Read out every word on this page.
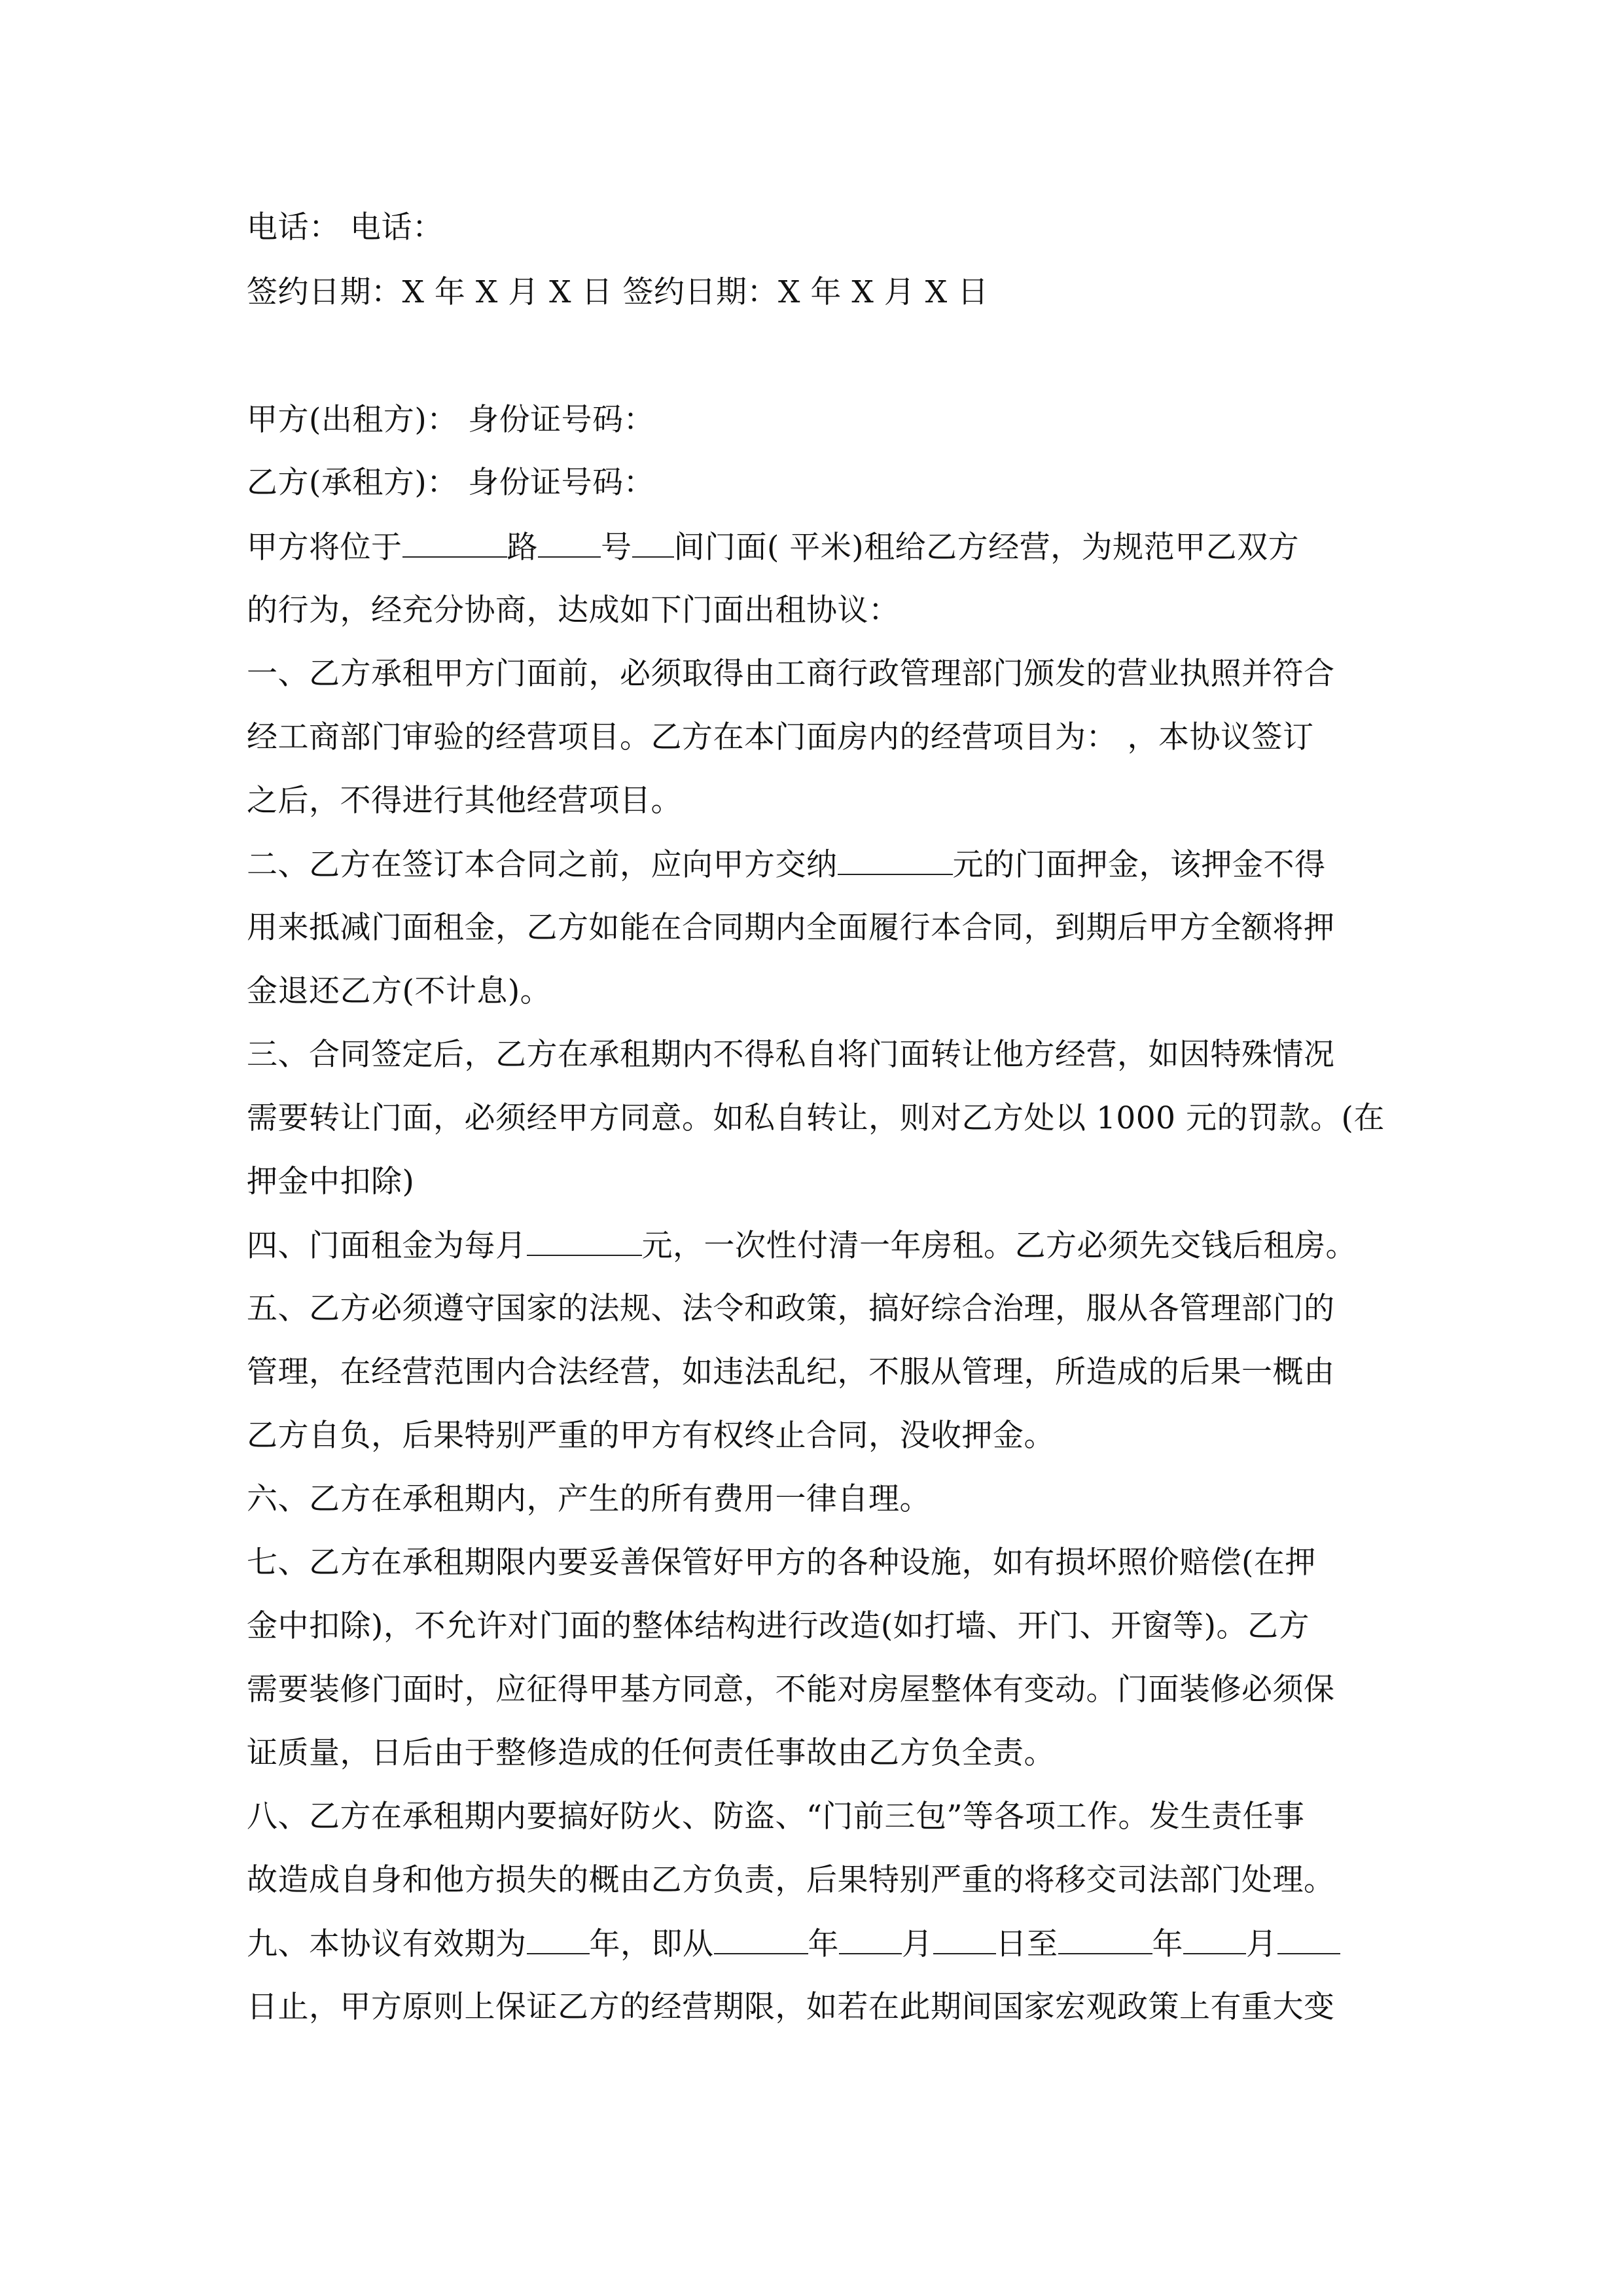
电话： 电话：
签约日期：X 年 X 月 X 日 签约日期：X 年 X 月 X 日
甲方(出租方)： 身份证号码：
乙方(承租方)： 身份证号码：
甲方将位于	路 号 间门面( 平米)租给乙方经营，为规范甲乙双方
的行为，经充分协商，达成如下门面出租协议：
一、乙方承租甲方门面前，必须取得由工商行政管理部门颁发的营业执照并符合
经工商部门审验的经营项目。乙方在本门面房内的经营项目为： ，本协议签订
之后，不得进行其他经营项目。
二、乙方在签订本合同之前，应向甲方交纳	元的门面押金，该押金不得
用来抵减门面租金，乙方如能在合同期内全面履行本合同，到期后甲方全额将押
金退还乙方(不计息)。
三、合同签定后，乙方在承租期内不得私自将门面转让他方经营，如因特殊情况
需要转让门面，必须经甲方同意。如私自转让，则对乙方处以 1000 元的罚款。(在
押金中扣除)
四、门面租金为每月	元，一次性付清一年房租。乙方必须先交钱后租房。
五、乙方必须遵守国家的法规、法令和政策，搞好综合治理，服从各管理部门的
管理，在经营范围内合法经营，如违法乱纪，不服从管理，所造成的后果一概由
乙方自负，后果特别严重的甲方有权终止合同，没收押金。
六、乙方在承租期内，产生的所有费用一律自理。
七、乙方在承租期限内要妥善保管好甲方的各种设施，如有损坏照价赔偿(在押
金中扣除)，不允许对门面的整体结构进行改造(如打墙、开门、开窗等)。乙方
需要装修门面时，应征得甲基方同意，不能对房屋整体有变动。门面装修必须保
证质量，日后由于整修造成的任何责任事故由乙方负全责。
八、乙方在承租期内要搞好防火、防盗、“门前三包”等各项工作。发生责任事
故造成自身和他方损失的概由乙方负责，后果特别严重的将移交司法部门处理。
九、本协议有效期为 年，即从	年 月 日至	年 月
日止，甲方原则上保证乙方的经营期限，如若在此期间国家宏观政策上有重大变
